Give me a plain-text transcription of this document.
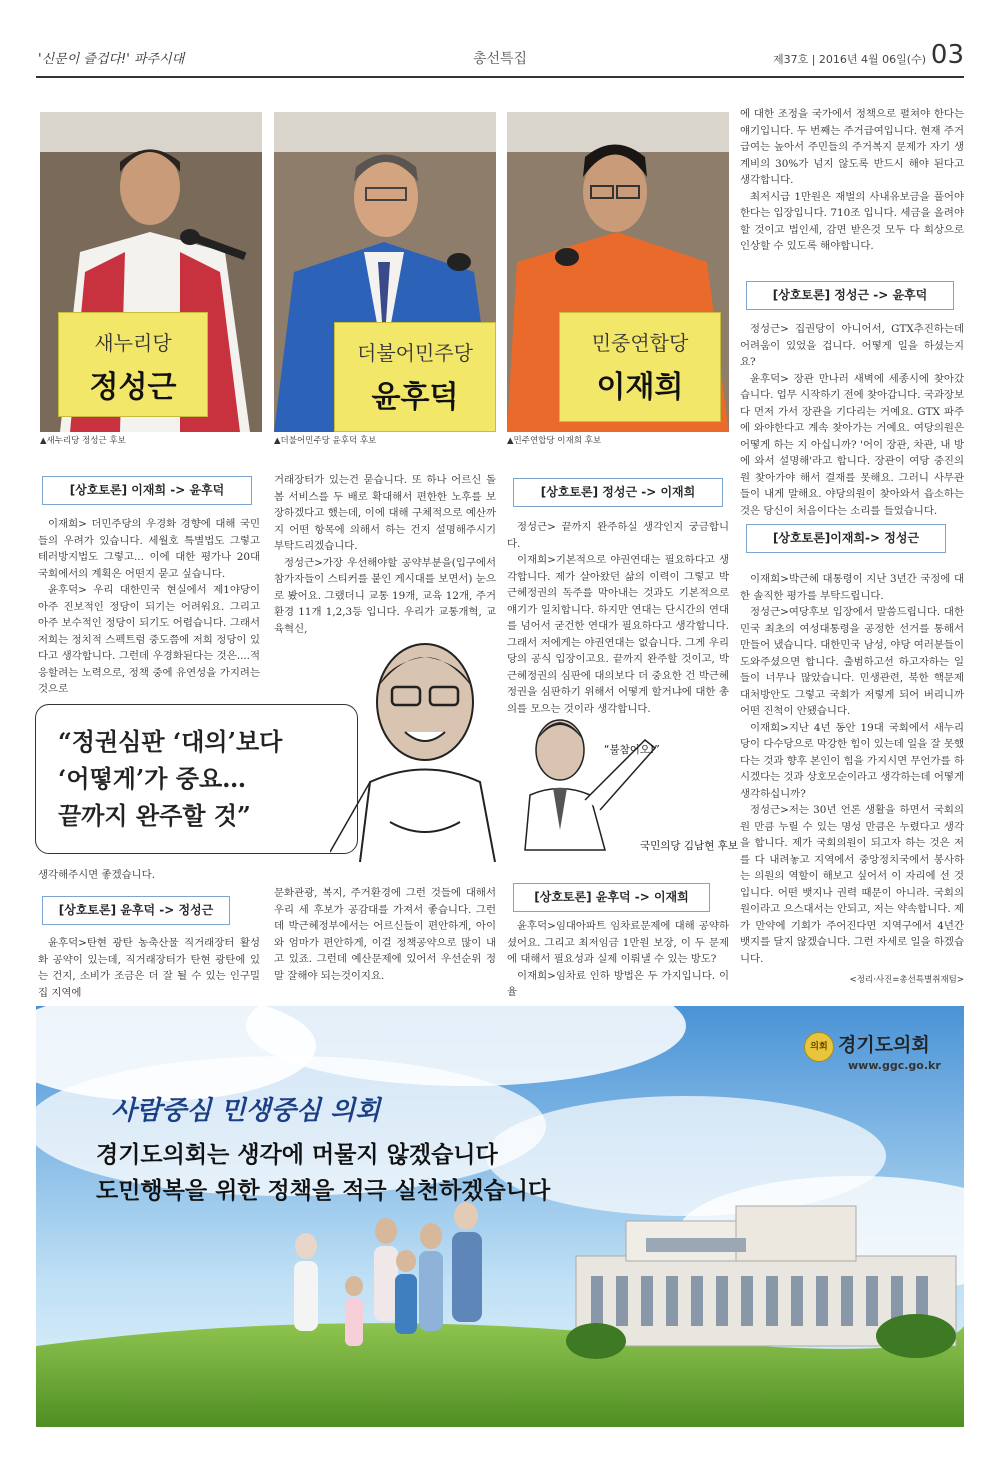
'신문이 즐겁다!' 파주시대	총선특집	제37호 | 2016년 4월 06일(수) 03
새누리당
정성근
▲새누리당 정성근 후보
더불어민주당
윤후덕
▲더불어민주당 윤후덕 후보
민중연합당
이재희
▲민주연합당 이재희 후보
[상호토론] 이재희 -> 윤후덕

이재희> 더민주당의 우경화 경향에 대해 국민들의 우려가 있습니다. 세월호 특별법도 그렇고 테러방지법도 그렇고... 이에 대한 평가나 20대 국회에서의 계획은 어떤지 묻고 싶습니다.

윤후덕> 우리 대한민국 현실에서 제1야당이 아주 진보적인 정당이 되기는 어려워요. 그리고 아주 보수적인 정당이 되기도 어렵습니다. 그래서 저희는 정치적 스펙트럼 중도쯤에 저희 정당이 있다고 생각합니다. 그런데 우경화된다는 것은....적응할려는 노력으로, 정책 중에 유연성을 가지려는 것으로

생각해주시면 좋겠습니다.

[상호토론] 윤후덕 -> 정성근

윤후덕>탄현 광탄 농축산물 직거래장터 활성화 공약이 있는데, 직거래장터가 탄현 광탄에 있는 건지, 소비가 조금은 더 잘 될 수 있는 인구밀집 지역에

거래장터가 있는건 묻습니다. 또 하나 어르신 돌봄 서비스를 두 배로 확대해서 편한한 노후를 보장하겠다고 했는데, 이에 대해 구체적으로 예산까지 어떤 항목에 의해서 하는 건지 설명해주시기 부탁드리겠습니다.

정성근>가장 우선해야할 공약부분을(입구에서 참가자들이 스티커를 붙인 게시대를 보면서) 눈으로 봤어요. 그랬더니 교통 19개, 교육 12개, 주거환경 11개 1,2,3등 입니다. 우리가 교통개혁, 교육혁신,

문화관광, 복지, 주거환경에 그런 것들에 대해서 우리 세 후보가 공감대를 가져서 좋습니다. 그런데 박근혜정부에서는 어르신들이 편안하게, 아이와 엄마가 편안하게, 이걸 정책공약으로 많이 내고 있죠. 그런데 예산문제에 있어서 우선순위 정말 잘해야 되는것이지요.

“정권심판 ‘대의’보다
‘어떻게’가 중요…
끝까지 완주할 것”
“불참이오!”
국민의당 김남현 후보
[상호토론] 정성근 -> 이재희

정성근> 끝까지 완주하실 생각인지 궁금합니다.

이재희>기본적으로 야권연대는 필요하다고 생각합니다. 제가 살아왔던 삶의 이력이 그렇고 박근혜정권의 독주를 막아내는 것과도 기본적으로 얘기가 일치합니다. 하지만 연대는 단시간의 연대를 넘어서 굳건한 연대가 필요하다고 생각합니다. 그래서 저에게는 야권연대는 없습니다. 그게 우리당의 공식 입장이고요. 끝까지 완주할 것이고, 박근혜정권의 심판에 대의보다 더 중요한 건 박근혜 정권을 심판하기 위해서 어떻게 할거냐에 대한 총의를 모으는 것이라 생각합니다.

[상호토론] 윤후덕 -> 이재희

윤후덕>임대아파트 임차료문제에 대해 공약하셨어요. 그리고 최저임금 1만원 보장, 이 두 문제에 대해서 필요성과 실제 이뤄낼 수 있는 방도?

이재희>임차료 인하 방법은 두 가지입니다. 이율

에 대한 조정을 국가에서 정책으로 펼쳐야 한다는 얘기입니다. 두 번째는 주거급여입니다. 현재 주거급여는 높아서 주민들의 주거복지 문제가 자기 생계비의 30%가 넘지 않도록 반드시 해야 된다고 생각합니다.

최저시급 1만원은 재벌의 사내유보금을 풀어야 한다는 입장입니다. 710조 입니다. 세금을 올려야 할 것이고 법인세, 감면 받은것 모두 다 회상으로 인상할 수 있도록 해야합니다.

[상호토론] 정성근 -> 윤후덕

정성근> 집권당이 아니어서, GTX추진하는데 어려움이 있었을 겁니다. 어떻게 일을 하셨는지요?

윤후덕> 장관 만나러 새벽에 세종시에 찾아갔습니다. 업무 시작하기 전에 찾아갑니다. 국과장보다 먼저 가서 장관을 기다리는 거예요. GTX 파주에 와야한다고 계속 찾아가는 거예요. 여당의원은 어떻게 하는 지 아십니까? '어이 장관, 차관, 내 방에 와서 설명해'라고 합니다. 장관이 여당 중진의원 찾아가야 해서 결재를 못해요. 그러니 사무관 들이 내게 말해요. 야당의원이 찾아와서 읍소하는 것은 당신이 처음이다는 소리를 들었습니다.

[상호토론]이재희-> 정성근

이재희>박근혜 대통령이 지난 3년간 국정에 대한 솔직한 평가를 부탁드립니다.

정성근>여당후보 입장에서 말씀드립니다. 대한민국 최초의 여성대통령을 공정한 선거를 통해서 만들어 냈습니다. 대한민국 남성, 야당 여러분들이 도와주셨으면 합니다. 출범하고선 하고자하는 일들이 너무나 많았습니다. 민생관련, 북한 핵문제 대처방안도 그렇고 국회가 저렇게 되어 버리니까 어떤 진척이 안됐습니다.

이재희>지난 4년 동안 19대 국회에서 새누리당이 다수당으로 막강한 힘이 있는데 일을 잘 못했다는 것과 향후 본인이 힘을 가지시면 무언가를 하시겠다는 것과 상호모순이라고 생각하는데 어떻게 생각하십니까?

정성근>저는 30년 언론 생활을 하면서 국회의원 만큼 누릴 수 있는 명성 만큼은 누렸다고 생각을 합니다. 제가 국회의원이 되고자 하는 것은 저를 다 내려놓고 지역에서 중앙정치국에서 봉사하는 의원의 역할이 해보고 싶어서 이 자리에 선 것입니다. 어떤 뱃지나 권력 때문이 아니라. 국회의원이라고 으스대서는 안되고, 저는 약속합니다. 제가 만약에 기회가 주어진다면 지역구에서 4년간 뱃지를 달지 않겠습니다. 그런 자세로 일을 하겠습니다.

<정리·사진=총선특별취재팀>
의회 경기도의회
www.ggc.go.kr
사람중심 민생중심 의회
경기도의회는 생각에 머물지 않겠습니다
도민행복을 위한 정책을 적극 실천하겠습니다
